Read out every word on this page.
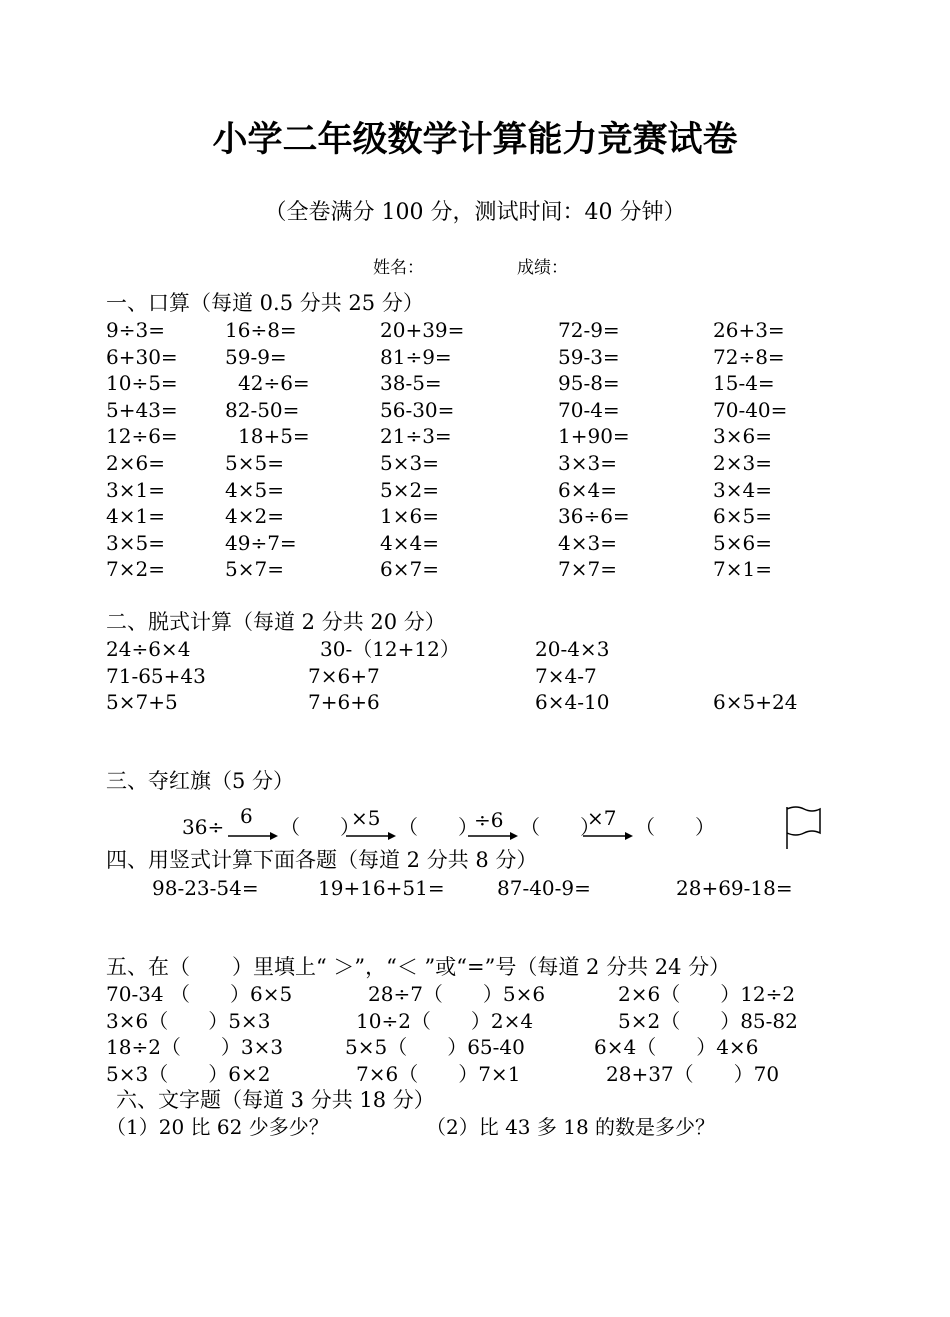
小学二年级数学计算能力竞赛试卷
（全卷满分 100 分，测试时间：40 分钟）
姓名：	成绩：
一、口算（每道 0.5 分共 25 分）
9÷3=	16÷8=	20+39=	72-9=	26+3=
6+30= 59-9=	81÷9=	59-3=	72÷8=
10÷5=	42÷6=	38-5=	95-8=	15-4=
5+43= 82-50=	56-30=	70-4=	70-40=
12÷6=	18+5=	21÷3=	1+90=	3×6=
2×6=	5×5=	5×3=	3×3=	2×3=
3×1=	4×5=	5×2=	6×4=	3×4=
4×1=	4×2=	1×6=	36÷6=	6×5=
3×5=	49÷7=	4×4=	4×3=	5×6=
7×2=	5×7=	6×7=	7×7=	7×1=
二、脱式计算（每道 2 分共 20 分）
24÷6×4	30-（12+12）	20-4×3
71-65+43	7×6+7	7×4-7
5×7+5	7+6+6	6×4-10	6×5+24
三、夺红旗（5 分）
36÷ 6 （　　）
×5 （　　）
÷6 （　　）
×7 （　　）
四、用竖式计算下面各题（每道 2 分共 8 分）
98-23-54=	19+16+51=	87-40-9=	28+69-18=
五、在（　　）里填上“ ＞”，“＜ ”或“=”号（每道 2 分共 24 分）
70-34 （　　）6×5	28÷7（　　）5×6	2×6（　　）12÷2
3×6（　　）5×3	10÷2（　　）2×4	5×2（　　）85-82
18÷2（　　）3×3	5×5（　　）65-40	6×4（　　）4×6
5×3（　　）6×2	7×6（　　）7×1	28+37（　　）70
六、文字题（每道 3 分共 18 分）
（1）20 比 62 少多少？	（2）比 43 多 18 的数是多少？
